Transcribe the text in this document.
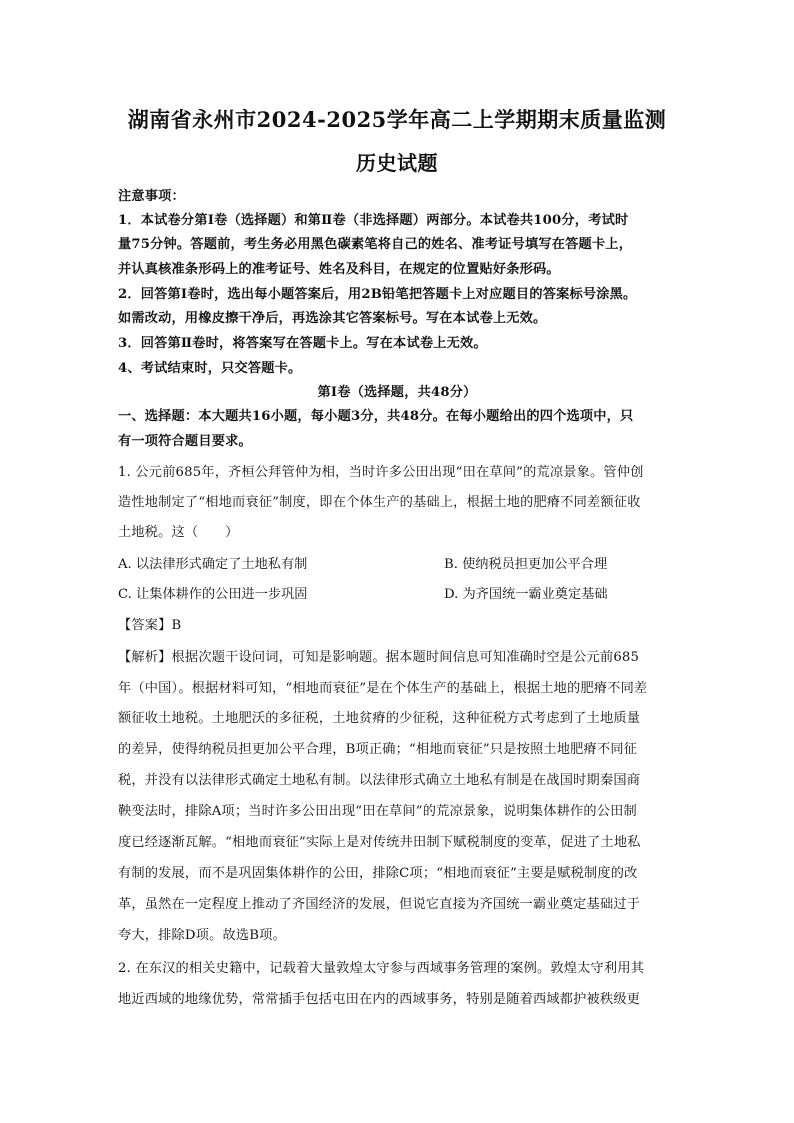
湖南省永州市2024-2025学年高二上学期期末质量监测
历史试题
注意事项：
1．本试卷分第Ⅰ卷（选择题）和第Ⅱ卷（非选择题）两部分。本试卷共100分，考试时
量75分钟。答题前，考生务必用黑色碳素笔将自己的姓名、准考证号填写在答题卡上，
并认真核准条形码上的准考证号、姓名及科目，在规定的位置贴好条形码。
2．回答第Ⅰ卷时，选出每小题答案后，用2B铅笔把答题卡上对应题目的答案标号涂黑。
如需改动，用橡皮擦干净后，再选涂其它答案标号。写在本试卷上无效。
3．回答第Ⅱ卷时，将答案写在答题卡上。写在本试卷上无效。
4、考试结束时，只交答题卡。
第Ⅰ卷（选择题，共48分）
一、选择题：本大题共16小题，每小题3分，共48分。在每小题给出的四个选项中，只
有一项符合题目要求。
1. 公元前685年，齐桓公拜管仲为相，当时许多公田出现“田在草间”的荒凉景象。管仲创
造性地制定了“相地而衰征”制度，即在个体生产的基础上，根据土地的肥瘠不同差额征收
土地税。这（　　）
A. 以法律形式确定了土地私有制	B. 使纳税员担更加公平合理
C. 让集体耕作的公田进一步巩固	D. 为齐国统一霸业奠定基础
【答案】B
【解析】根据次题干设问词，可知是影响题。据本题时间信息可知准确时空是公元前685
年（中国）。根据材料可知，“相地而衰征”是在个体生产的基础上，根据土地的肥瘠不同差
额征收土地税。土地肥沃的多征税，土地贫瘠的少征税，这种征税方式考虑到了土地质量
的差异，使得纳税员担更加公平合理，B项正确；“相地而衰征”只是按照土地肥瘠不同征
税，并没有以法律形式确定土地私有制。以法律形式确立土地私有制是在战国时期秦国商
鞅变法时，排除A项；当时许多公田出现“田在草间”的荒凉景象，说明集体耕作的公田制
度已经逐渐瓦解。“相地而衰征”实际上是对传统井田制下赋税制度的变革，促进了土地私
有制的发展，而不是巩固集体耕作的公田，排除C项；“相地而衰征”主要是赋税制度的改
革，虽然在一定程度上推动了齐国经济的发展，但说它直接为齐国统一霸业奠定基础过于
夸大，排除D项。故选B项。
2. 在东汉的相关史籍中，记载着大量敦煌太守参与西域事务管理的案例。敦煌太守利用其
地近西域的地缘优势，常常插手包括屯田在内的西域事务，特别是随着西域都护被秩级更
